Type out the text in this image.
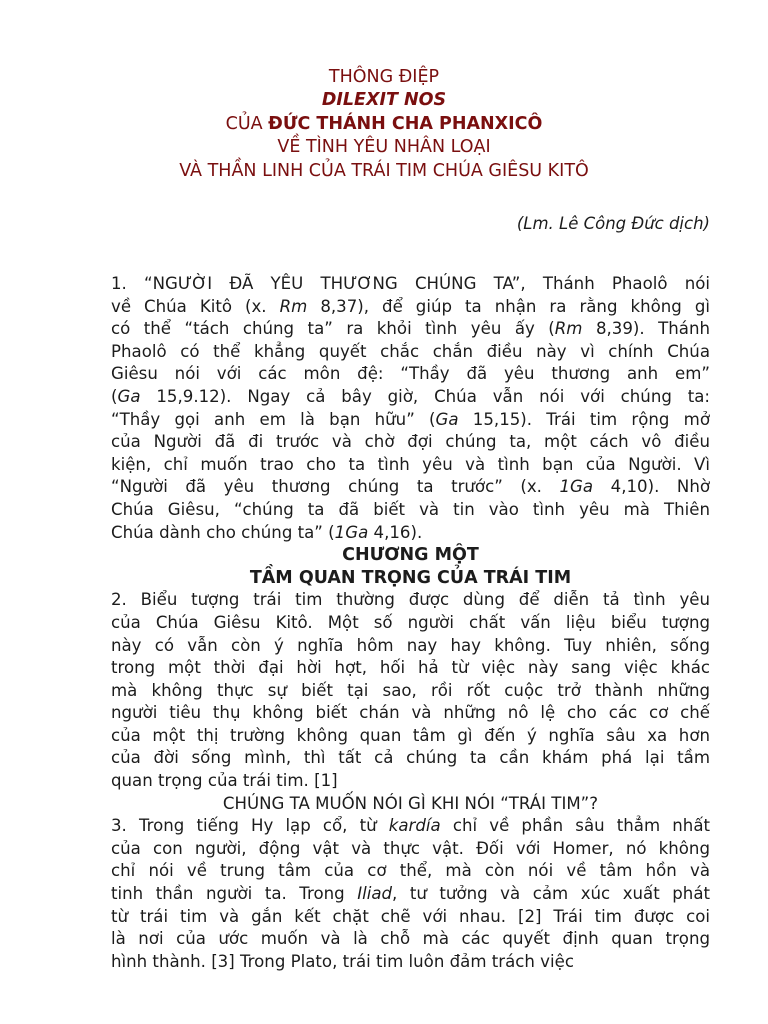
THÔNG ĐIỆP
DILEXIT NOS
CỦA ĐỨC THÁNH CHA PHANXICÔ
VỀ TÌNH YÊU NHÂN LOẠI
VÀ THẦN LINH CỦA TRÁI TIM CHÚA GIÊSU KITÔ
(Lm. Lê Công Đức dịch)
1. “NGƯỜI ĐÃ YÊU THƯƠNG CHÚNG TA”, Thánh Phaolô nói
về Chúa Kitô (x. Rm 8,37), để giúp ta nhận ra rằng không gì
có thể “tách chúng ta” ra khỏi tình yêu ấy (Rm 8,39). Thánh
Phaolô có thể khẳng quyết chắc chắn điều này vì chính Chúa
Giêsu nói với các môn đệ: “Thầy đã yêu thương anh em”
(Ga 15,9.12). Ngay cả bây giờ, Chúa vẫn nói với chúng ta:
“Thầy gọi anh em là bạn hữu” (Ga 15,15). Trái tim rộng mở
của Người đã đi trước và chờ đợi chúng ta, một cách vô điều
kiện, chỉ muốn trao cho ta tình yêu và tình bạn của Người. Vì
“Người đã yêu thương chúng ta trước” (x. 1Ga 4,10). Nhờ
Chúa Giêsu, “chúng ta đã biết và tin vào tình yêu mà Thiên
Chúa dành cho chúng ta” (1Ga 4,16).
CHƯƠNG MỘT
TẦM QUAN TRỌNG CỦA TRÁI TIM
2. Biểu tượng trái tim thường được dùng để diễn tả tình yêu
của Chúa Giêsu Kitô. Một số người chất vấn liệu biểu tượng
này có vẫn còn ý nghĩa hôm nay hay không. Tuy nhiên, sống
trong một thời đại hời hợt, hối hả từ việc này sang việc khác
mà không thực sự biết tại sao, rồi rốt cuộc trở thành những
người tiêu thụ không biết chán và những nô lệ cho các cơ chế
của một thị trường không quan tâm gì đến ý nghĩa sâu xa hơn
của đời sống mình, thì tất cả chúng ta cần khám phá lại tầm
quan trọng của trái tim. [1]
CHÚNG TA MUỐN NÓI GÌ KHI NÓI “TRÁI TIM”?
3. Trong tiếng Hy lạp cổ, từ kardía chỉ về phần sâu thẳm nhất
của con người, động vật và thực vật. Đối với Homer, nó không
chỉ nói về trung tâm của cơ thể, mà còn nói về tâm hồn và
tinh thần người ta. Trong Iliad, tư tưởng và cảm xúc xuất phát
từ trái tim và gắn kết chặt chẽ với nhau. [2] Trái tim được coi
là nơi của ước muốn và là chỗ mà các quyết định quan trọng
hình thành. [3] Trong Plato, trái tim luôn đảm trách việc
